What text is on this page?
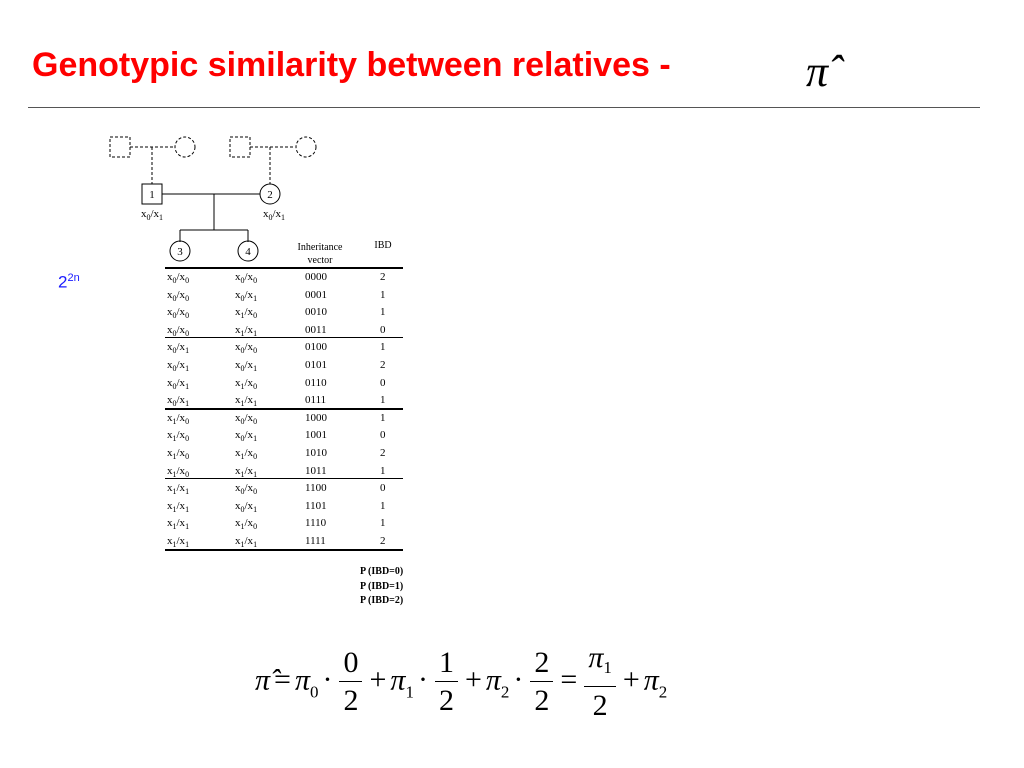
Genotypic similarity between relatives -	π̂
$2^{2n}$
1	2
3	4
$x_0/x_1$	$x_0/x_1$
Inheritance vector
IBD
$x_0/x_0$	$x_0/x_0$	0000	2
$x_0/x_0$	$x_0/x_1$	0001	1
$x_0/x_0$	$x_1/x_0$	0010	1
$x_0/x_0$	$x_1/x_1$	0011	0
$x_0/x_1$	$x_0/x_0$	0100	1
$x_0/x_1$	$x_0/x_1$	0101	2
$x_0/x_1$	$x_1/x_0$	0110	0
$x_0/x_1$	$x_1/x_1$	0111	1
$x_1/x_0$	$x_0/x_0$	1000	1
$x_1/x_0$	$x_0/x_1$	1001	0
$x_1/x_0$	$x_1/x_0$	1010	2
$x_1/x_0$	$x_1/x_1$	1011	1
$x_1/x_1$	$x_0/x_0$	1100	0
$x_1/x_1$	$x_0/x_1$	1101	1
$x_1/x_1$	$x_1/x_0$	1110	1
$x_1/x_1$	$x_1/x_1$	1111	2
P (IBD=0)
P (IBD=1)
P (IBD=2)
π̂ = $\pi_0 \cdot \frac{0}{2} + \pi_1 \cdot \frac{1}{2} + \pi_2 \cdot \frac{2}{2} = \frac{\pi_1}{2} + \pi_2$
